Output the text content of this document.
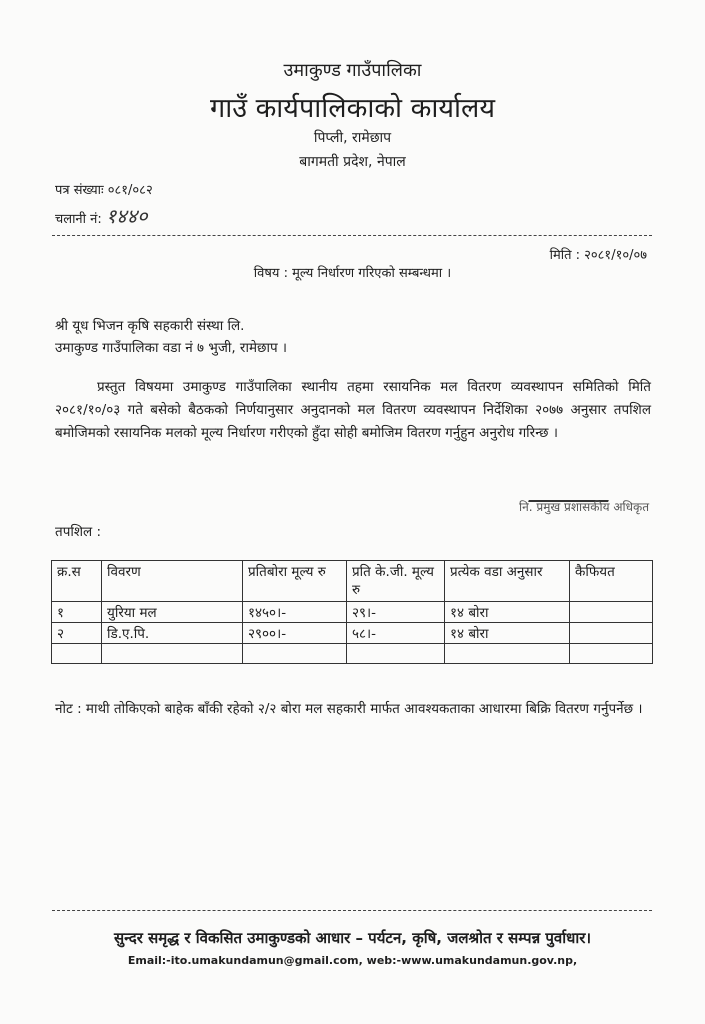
उमाकुण्ड गाउँपालिका
गाउँ कार्यपालिकाको कार्यालय
पिप्ली, रामेछाप
बागमती प्रदेश, नेपाल
पत्र संख्याः ०८१/०८२
चलानी नं: १४४०
मिति : २०८१/१०/०७
विषय : मूल्य निर्धारण गरिएको सम्बन्धमा ।
श्री यूध भिजन कृषि सहकारी संस्था लि.
उमाकुण्ड गाउँपालिका वडा नं ७ भुजी, रामेछाप ।
प्रस्तुत विषयमा उमाकुण्ड गाउँपालिका स्थानीय तहमा रसायनिक मल वितरण व्यवस्थापन समितिको मिति २०८१/१०/०३ गते बसेको बैठकको निर्णयानुसार अनुदानको मल वितरण व्यवस्थापन निर्देशिका २०७७ अनुसार तपशिल बमोजिमको रसायनिक मलको मूल्य निर्धारण गरीएको हुँदा सोही बमोजिम वितरण गर्नुहुन अनुरोध गरिन्छ ।
नि. प्रमुख प्रशासकीय अधिकृत
तपशिल :
क्र.स	विवरण	प्रतिबोरा मूल्य रु	प्रति के.जी. मूल्य रु	प्रत्येक वडा अनुसार	कैफियत
१	युरिया मल	१४५०।-	२९।-	१४ बोरा	
२	डि.ए.पि.	२९००।-	५८।-	१४ बोरा	

नोट : माथी तोकिएको बाहेक बाँकी रहेको २/२ बोरा मल सहकारी मार्फत आवश्यकताका आधारमा बिक्रि वितरण गर्नुपर्नेछ ।
सुन्दर समृद्ध र विकसित उमाकुण्डको आधार – पर्यटन, कृषि, जलश्रोत र सम्पन्न पुर्वाधार।
Email:-ito.umakundamun@gmail.com, web:-www.umakundamun.gov.np,
